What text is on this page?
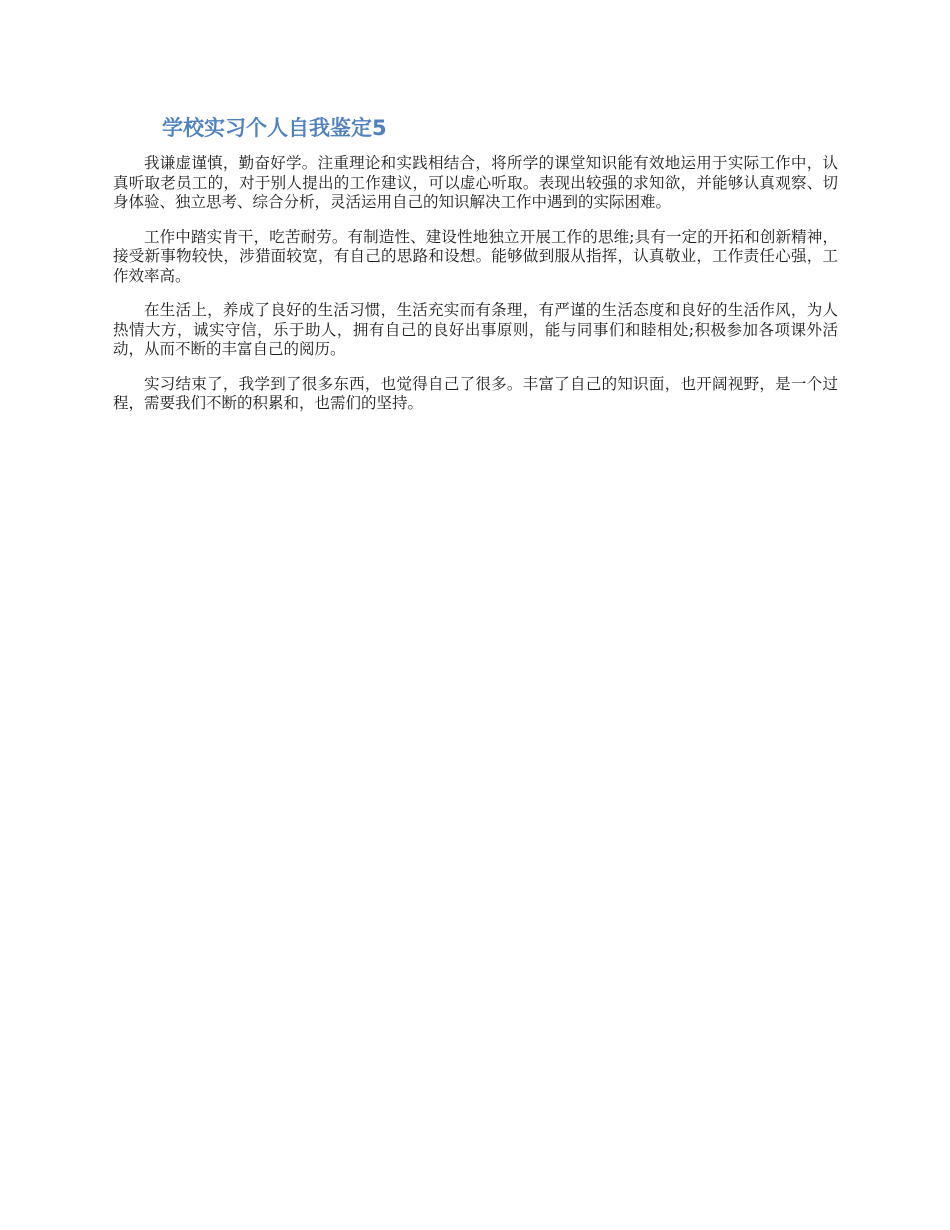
学校实习个人自我鉴定5

我谦虚谨慎，勤奋好学。注重理论和实践相结合，将所学的课堂知识能有效地运用于实际工作中，认真听取老员工的，对于别人提出的工作建议，可以虚心听取。表现出较强的求知欲，并能够认真观察、切身体验、独立思考、综合分析，灵活运用自己的知识解决工作中遇到的实际困难。

工作中踏实肯干，吃苦耐劳。有制造性、建设性地独立开展工作的思维;具有一定的开拓和创新精神，接受新事物较快，涉猎面较宽，有自己的思路和设想。能够做到服从指挥，认真敬业，工作责任心强，工作效率高。

在生活上，养成了良好的生活习惯，生活充实而有条理，有严谨的生活态度和良好的生活作风，为人热情大方，诚实守信，乐于助人，拥有自己的良好出事原则，能与同事们和睦相处;积极参加各项课外活动，从而不断的丰富自己的阅历。

实习结束了，我学到了很多东西，也觉得自己了很多。丰富了自己的知识面，也开阔视野，是一个过程，需要我们不断的积累和，也需们的坚持。
